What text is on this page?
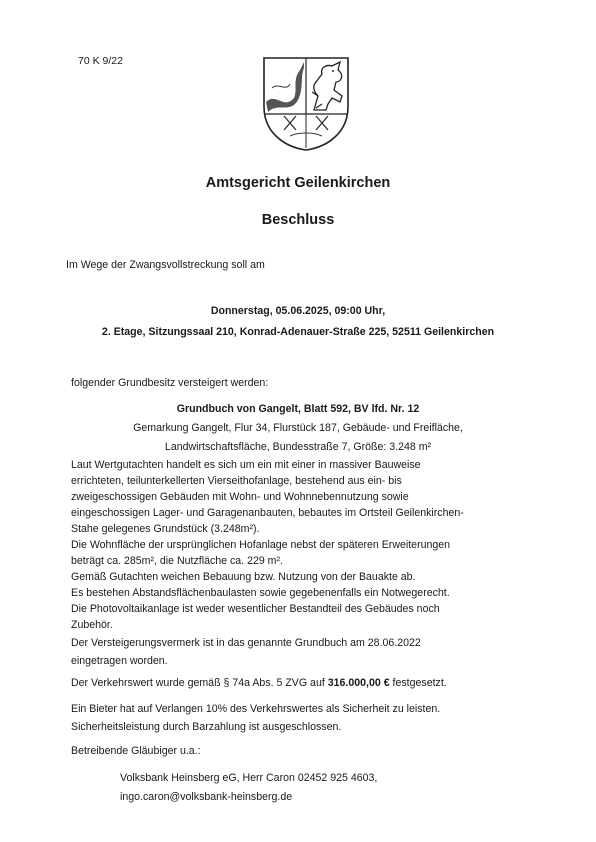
70 K 9/22
Amtsgericht Geilenkirchen
Beschluss
Im Wege der Zwangsvollstreckung soll am
Donnerstag, 05.06.2025, 09:00 Uhr,
2. Etage, Sitzungssaal 210, Konrad-Adenauer-Straße 225, 52511 Geilenkirchen
folgender Grundbesitz versteigert werden:
Grundbuch von Gangelt, Blatt 592, BV lfd. Nr. 12
Gemarkung Gangelt, Flur 34, Flurstück 187, Gebäude- und Freifläche,
Landwirtschaftsfläche, Bundesstraße 7, Größe: 3.248 m²
Laut Wertgutachten handelt es sich um ein mit einer in massiver Bauweise
errichteten, teilunterkellerten Vierseithofanlage, bestehend aus ein- bis
zweigeschossigen Gebäuden mit Wohn- und Wohnnebennutzung sowie
eingeschossigen Lager- und Garagenanbauten, bebautes im Ortsteil Geilenkirchen-
Stahe gelegenes Grundstück (3.248m²).
Die Wohnfläche der ursprünglichen Hofanlage nebst der späteren Erweiterungen
beträgt ca. 285m², die Nutzfläche ca. 229 m².
Gemäß Gutachten weichen Bebauung bzw. Nutzung von der Bauakte ab.
Es bestehen Abstandsflächenbaulasten sowie gegebenenfalls ein Notwegerecht.
Die Photovoltaikanlage ist weder wesentlicher Bestandteil des Gebäudes noch
Zubehör.
Der Versteigerungsvermerk ist in das genannte Grundbuch am 28.06.2022
eingetragen worden.
Der Verkehrswert wurde gemäß § 74a Abs. 5 ZVG auf 316.000,00 € festgesetzt.
Ein Bieter hat auf Verlangen 10% des Verkehrswertes als Sicherheit zu leisten.
Sicherheitsleistung durch Barzahlung ist ausgeschlossen.
Betreibende Gläubiger u.a.:
Volksbank Heinsberg eG, Herr Caron 02452 925 4603,
ingo.caron@volksbank-heinsberg.de
